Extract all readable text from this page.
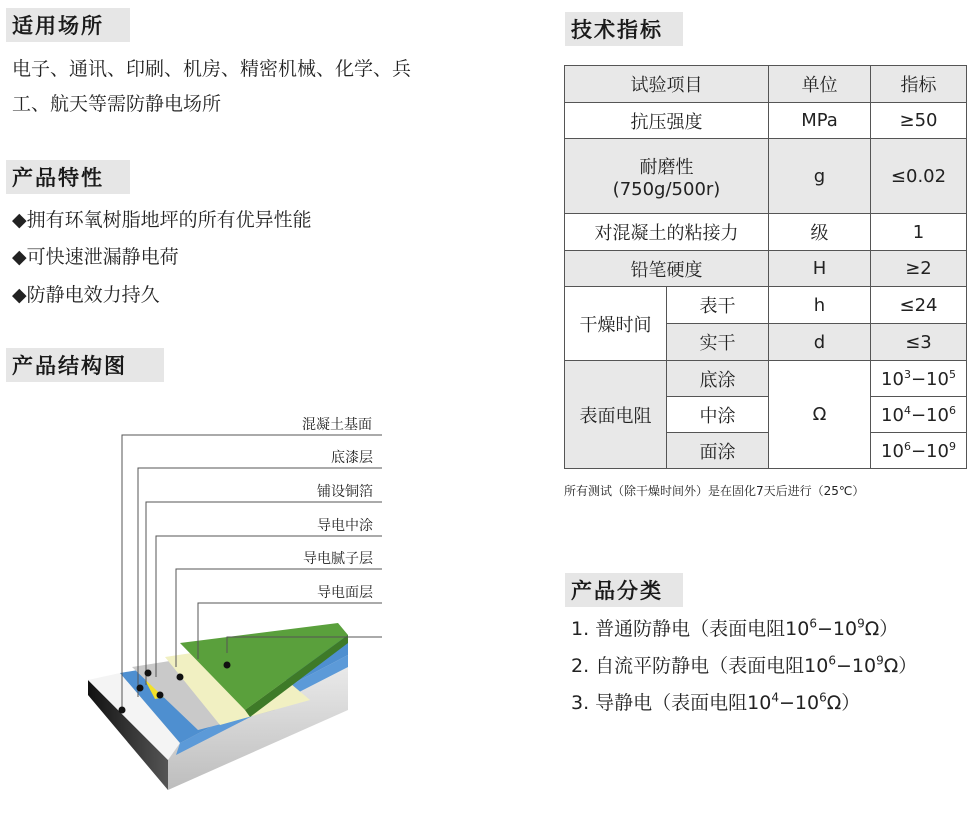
适用场所
电子、通讯、印刷、机房、精密机械、化学、兵
工、航天等需防静电场所
产品特性
◆拥有环氧树脂地坪的所有优异性能
◆可快速泄漏静电荷
◆防静电效力持久
产品结构图
混凝土基面
底漆层
铺设铜箔
导电中涂
导电腻子层
导电面层
技术指标
试验项目		单位	指标
抗压强度		MPa	≥50

耐磨性
(750g/500r)		g	≤0.02
对混凝土的粘接力		级	1
铅笔硬度		H	≥2
干燥时间	表干	h	≤24
	实干	d	≤3
表面电阻	底涂	Ω	$10^3-10^5$
	中涂		$10^4-10^6$
	面涂		$10^6-10^9$
所有测试（除干燥时间外）是在固化7天后进行（25℃）
产品分类
1. 普通防静电（表面电阻$10^6-10^9\Omega$）
2. 自流平防静电（表面电阻$10^6-10^9\Omega$）
3. 导静电（表面电阻$10^4-10^6\Omega$）
